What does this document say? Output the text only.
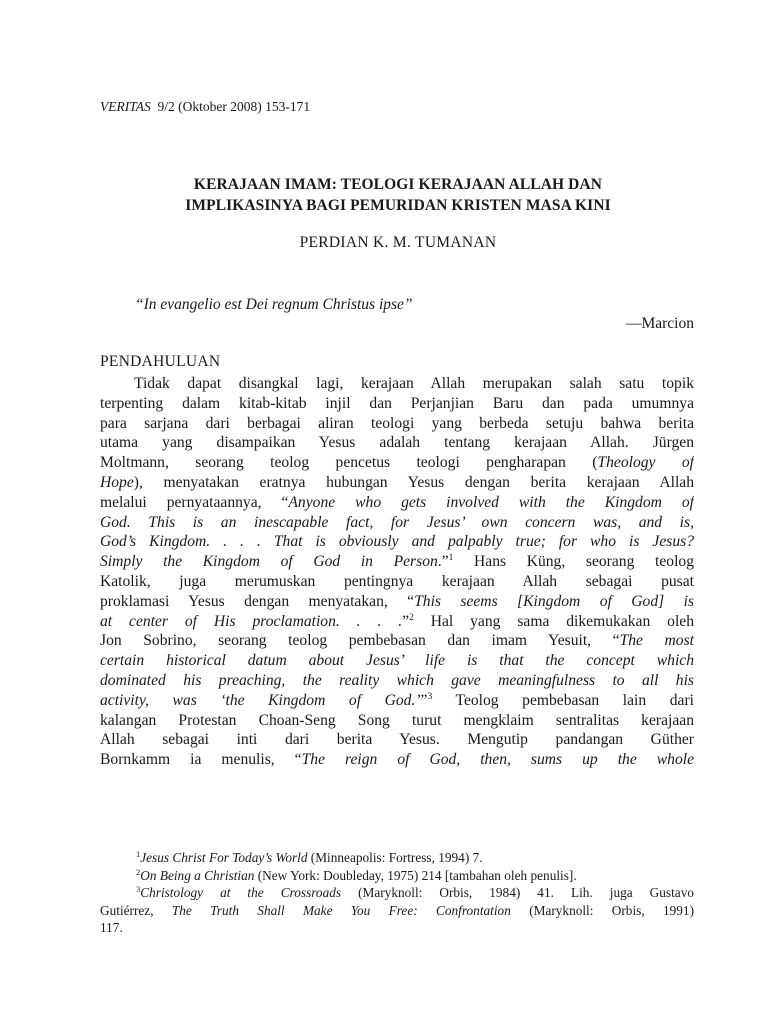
VERITAS 9/2 (Oktober 2008) 153-171
KERAJAAN IMAM: TEOLOGI KERAJAAN ALLAH DAN
IMPLIKASINYA BAGI PEMURIDAN KRISTEN MASA KINI
PERDIAN K. M. TUMANAN
“In evangelio est Dei regnum Christus ipse”
—Marcion
PENDAHULUAN
Tidak dapat disangkal lagi, kerajaan Allah merupakan salah satu topik
terpenting dalam kitab-kitab injil dan Perjanjian Baru dan pada umumnya
para sarjana dari berbagai aliran teologi yang berbeda setuju bahwa berita
utama yang disampaikan Yesus adalah tentang kerajaan Allah. Jürgen
Moltmann, seorang teolog pencetus teologi pengharapan (Theology of
Hope), menyatakan eratnya hubungan Yesus dengan berita kerajaan Allah
melalui pernyataannya, “Anyone who gets involved with the Kingdom of
God. This is an inescapable fact, for Jesus’ own concern was, and is,
God’s Kingdom. . . . That is obviously and palpably true; for who is Jesus?
Simply the Kingdom of God in Person.”$^1$ Hans Küng, seorang teolog
Katolik, juga merumuskan pentingnya kerajaan Allah sebagai pusat
proklamasi Yesus dengan menyatakan, “This seems [Kingdom of God] is
at center of His proclamation. . . .”$^2$ Hal yang sama dikemukakan oleh
Jon Sobrino, seorang teolog pembebasan dan imam Yesuit, “The most
certain historical datum about Jesus’ life is that the concept which
dominated his preaching, the reality which gave meaningfulness to all his
activity, was ‘the Kingdom of God.’”$^3$ Teolog pembebasan lain dari
kalangan Protestan Choan-Seng Song turut mengklaim sentralitas kerajaan
Allah sebagai inti dari berita Yesus. Mengutip pandangan Güther
Bornkamm ia menulis, “The reign of God, then, sums up the whole
$^1$Jesus Christ For Today’s World (Minneapolis: Fortress, 1994) 7.
$^2$On Being a Christian (New York: Doubleday, 1975) 214 [tambahan oleh penulis].
$^3$Christology at the Crossroads (Maryknoll: Orbis, 1984) 41. Lih. juga Gustavo
Gutiérrez, The Truth Shall Make You Free: Confrontation (Maryknoll: Orbis, 1991)
117.
